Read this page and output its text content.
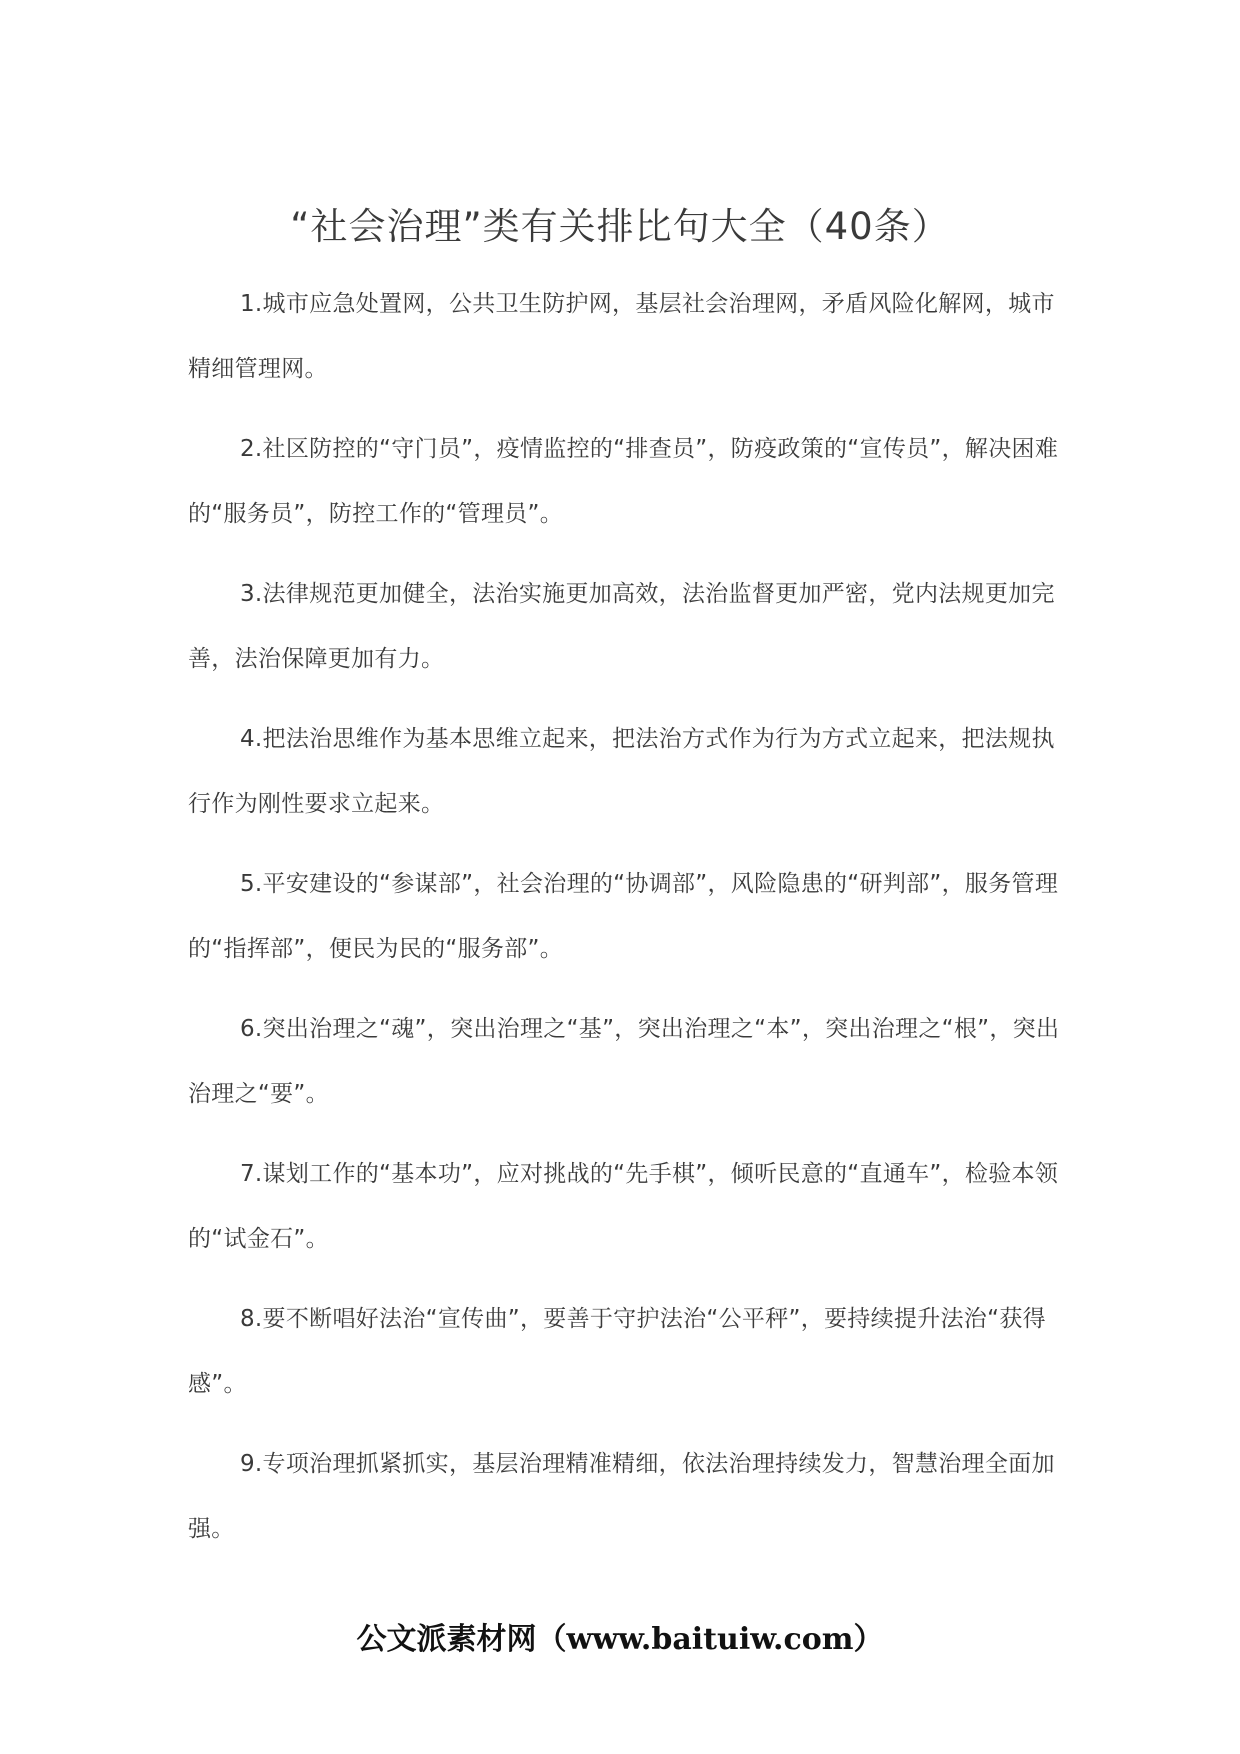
“社会治理”类有关排比句大全（40条）

1.城市应急处置网，公共卫生防护网，基层社会治理网，矛盾风险化解网，城市精细管理网。

2.社区防控的“守门员”，疫情监控的“排查员”，防疫政策的“宣传员”，解决困难的“服务员”，防控工作的“管理员”。

3.法律规范更加健全，法治实施更加高效，法治监督更加严密，党内法规更加完善，法治保障更加有力。

4.把法治思维作为基本思维立起来，把法治方式作为行为方式立起来，把法规执行作为刚性要求立起来。

5.平安建设的“参谋部”，社会治理的“协调部”，风险隐患的“研判部”，服务管理的“指挥部”，便民为民的“服务部”。

6.突出治理之“魂”，突出治理之“基”，突出治理之“本”，突出治理之“根”，突出治理之“要”。

7.谋划工作的“基本功”，应对挑战的“先手棋”，倾听民意的“直通车”，检验本领的“试金石”。

8.要不断唱好法治“宣传曲”，要善于守护法治“公平秤”，要持续提升法治“获得感”。

9.专项治理抓紧抓实，基层治理精准精细，依法治理持续发力，智慧治理全面加强。

公文派素材网（www.baituiw.com）
